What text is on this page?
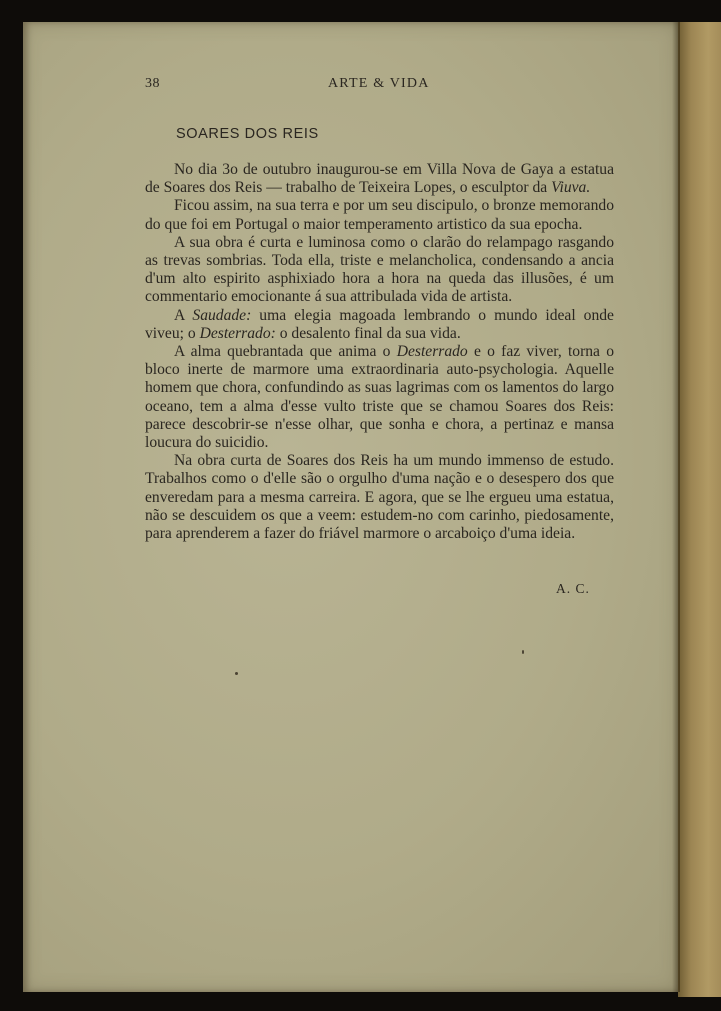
38	ARTE & VIDA
SOARES DOS REIS

No dia 3o de outubro inaugurou-se em Villa Nova de Gaya a estatua de Soares dos Reis — trabalho de Teixeira Lopes, o esculptor da Viuva.

Ficou assim, na sua terra e por um seu discipulo, o bronze memorando do que foi em Portugal o maior temperamento artistico da sua epocha.

A sua obra é curta e luminosa como o clarão do relampago rasgando as trevas sombrias. Toda ella, triste e melancholica, condensando a ancia d'um alto espirito asphixiado hora a hora na queda das illusões, é um commentario emocionante á sua attribulada vida de artista.

A Saudade: uma elegia magoada lembrando o mundo ideal onde viveu; o Desterrado: o desalento final da sua vida.

A alma quebrantada que anima o Desterrado e o faz viver, torna o bloco inerte de marmore uma extraordinaria auto-psychologia. Aquelle homem que chora, confundindo as suas lagrimas com os lamentos do largo oceano, tem a alma d'esse vulto triste que se chamou Soares dos Reis: parece descobrir-se n'esse olhar, que sonha e chora, a pertinaz e mansa loucura do suicidio.

Na obra curta de Soares dos Reis ha um mundo immenso de estudo. Trabalhos como o d'elle são o orgulho d'uma nação e o desespero dos que enveredam para a mesma carreira. E agora, que se lhe ergueu uma estatua, não se descuidem os que a veem: estudem-no com carinho, piedosamente, para aprenderem a fazer do friável marmore o arcaboiço d'uma ideia.

A. C.
